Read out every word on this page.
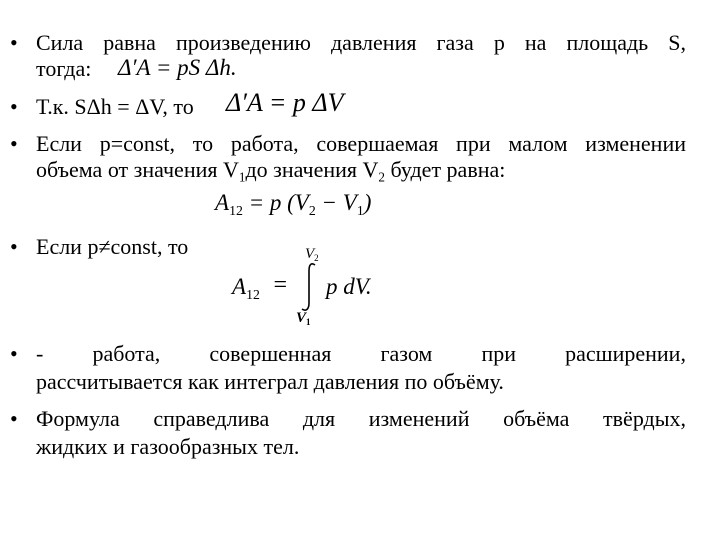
• Сила равна произведению давления газа р на площадь S,
тогда: Δ′A = pS Δh.
• Т.к. SΔh = ΔV, то Δ′A = p ΔV
• Если р=const, то работа, совершаемая при малом изменении
объема от значения $V_1до$ значения $V_2$ будет равна:
$A_{12} = p$ $(V_2 - V_1)$
• Если р≠const, то
$A_{12}$ =
$V_2$
$V_1$
p dV.
• - работа, совершенная газом при расширении,
рассчитывается как интеграл давления по объёму.
• Формула справедлива для изменений объёма твёрдых,
жидких и газообразных тел.
